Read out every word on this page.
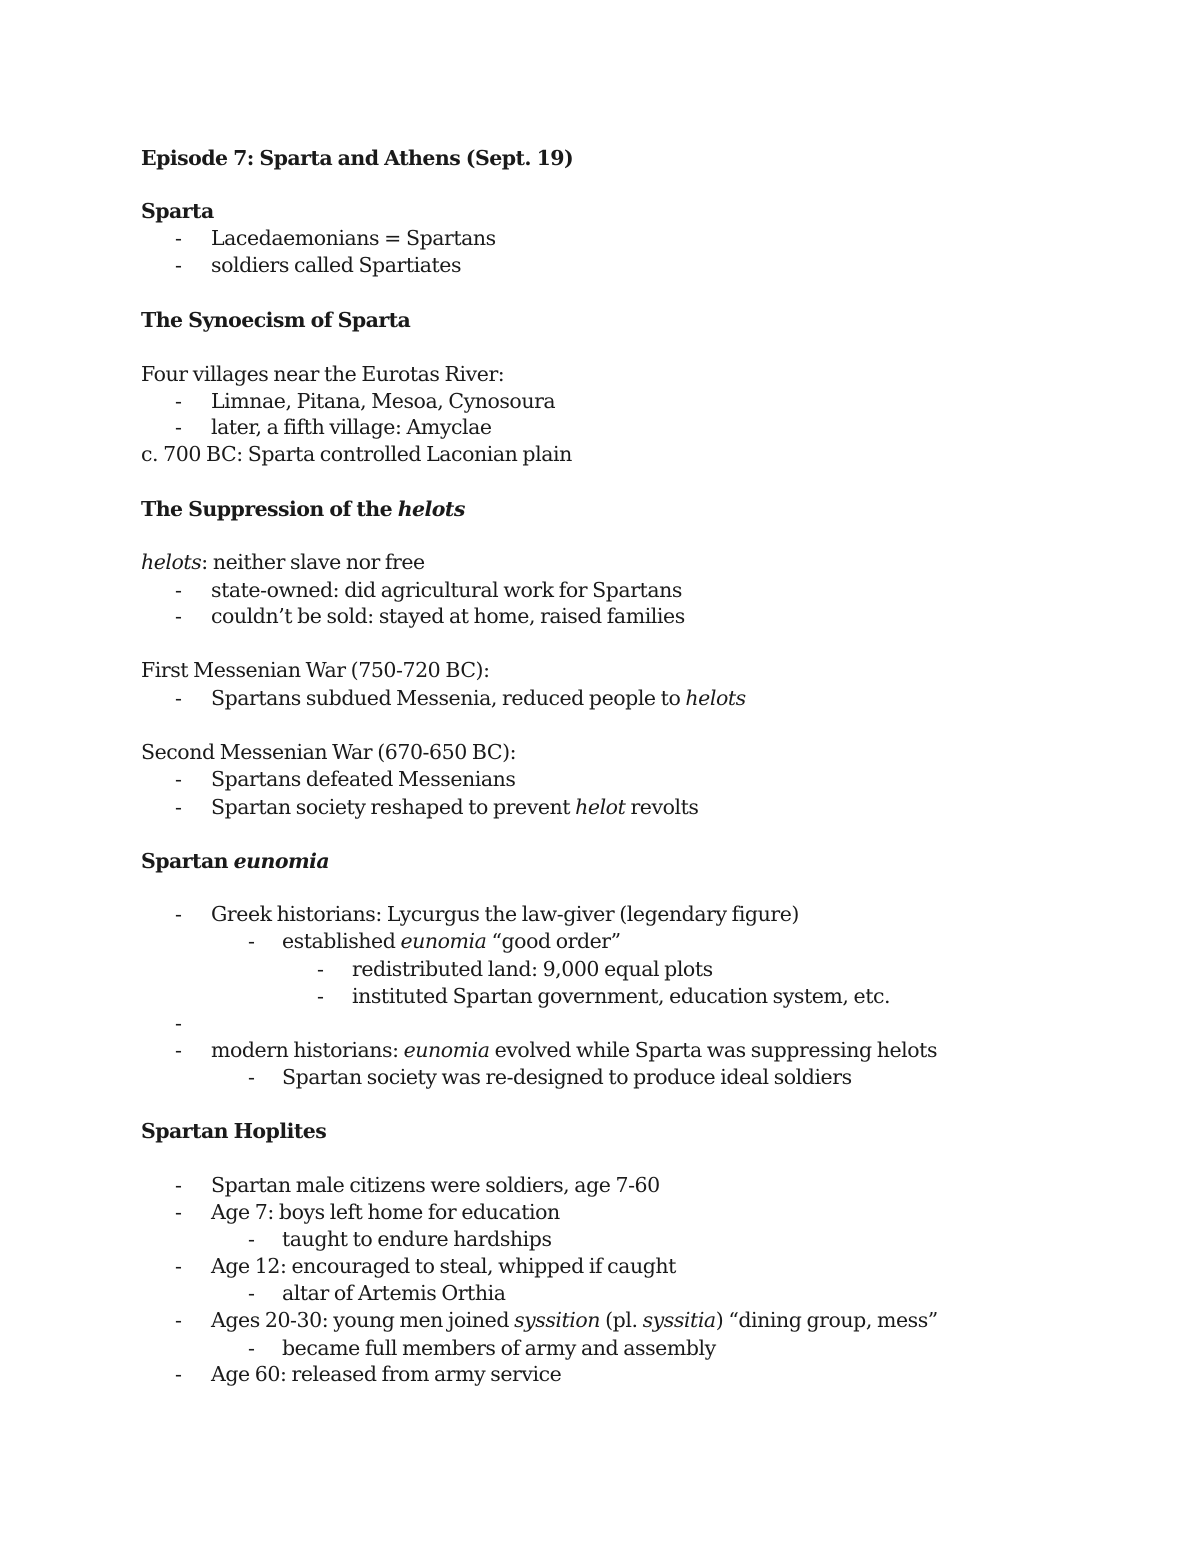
Episode 7: Sparta and Athens (Sept. 19)
Sparta
- Lacedaemonians = Spartans
- soldiers called Spartiates
The Synoecism of Sparta
Four villages near the Eurotas River:
- Limnae, Pitana, Mesoa, Cynosoura
- later, a fifth village: Amyclae
c. 700 BC: Sparta controlled Laconian plain
The Suppression of the helots
helots: neither slave nor free
- state-owned: did agricultural work for Spartans
- couldn’t be sold: stayed at home, raised families
First Messenian War (750-720 BC):
- Spartans subdued Messenia, reduced people to helots
Second Messenian War (670-650 BC):
- Spartans defeated Messenians
- Spartan society reshaped to prevent helot revolts
Spartan eunomia
- Greek historians: Lycurgus the law-giver (legendary figure)
- established eunomia “good order”
- redistributed land: 9,000 equal plots
- instituted Spartan government, education system, etc.
-
- modern historians: eunomia evolved while Sparta was suppressing helots
- Spartan society was re-designed to produce ideal soldiers
Spartan Hoplites
- Spartan male citizens were soldiers, age 7-60
- Age 7: boys left home for education
- taught to endure hardships
- Age 12: encouraged to steal, whipped if caught
- altar of Artemis Orthia
- Ages 20-30: young men joined syssition (pl. syssitia) “dining group, mess”
- became full members of army and assembly
- Age 60: released from army service
